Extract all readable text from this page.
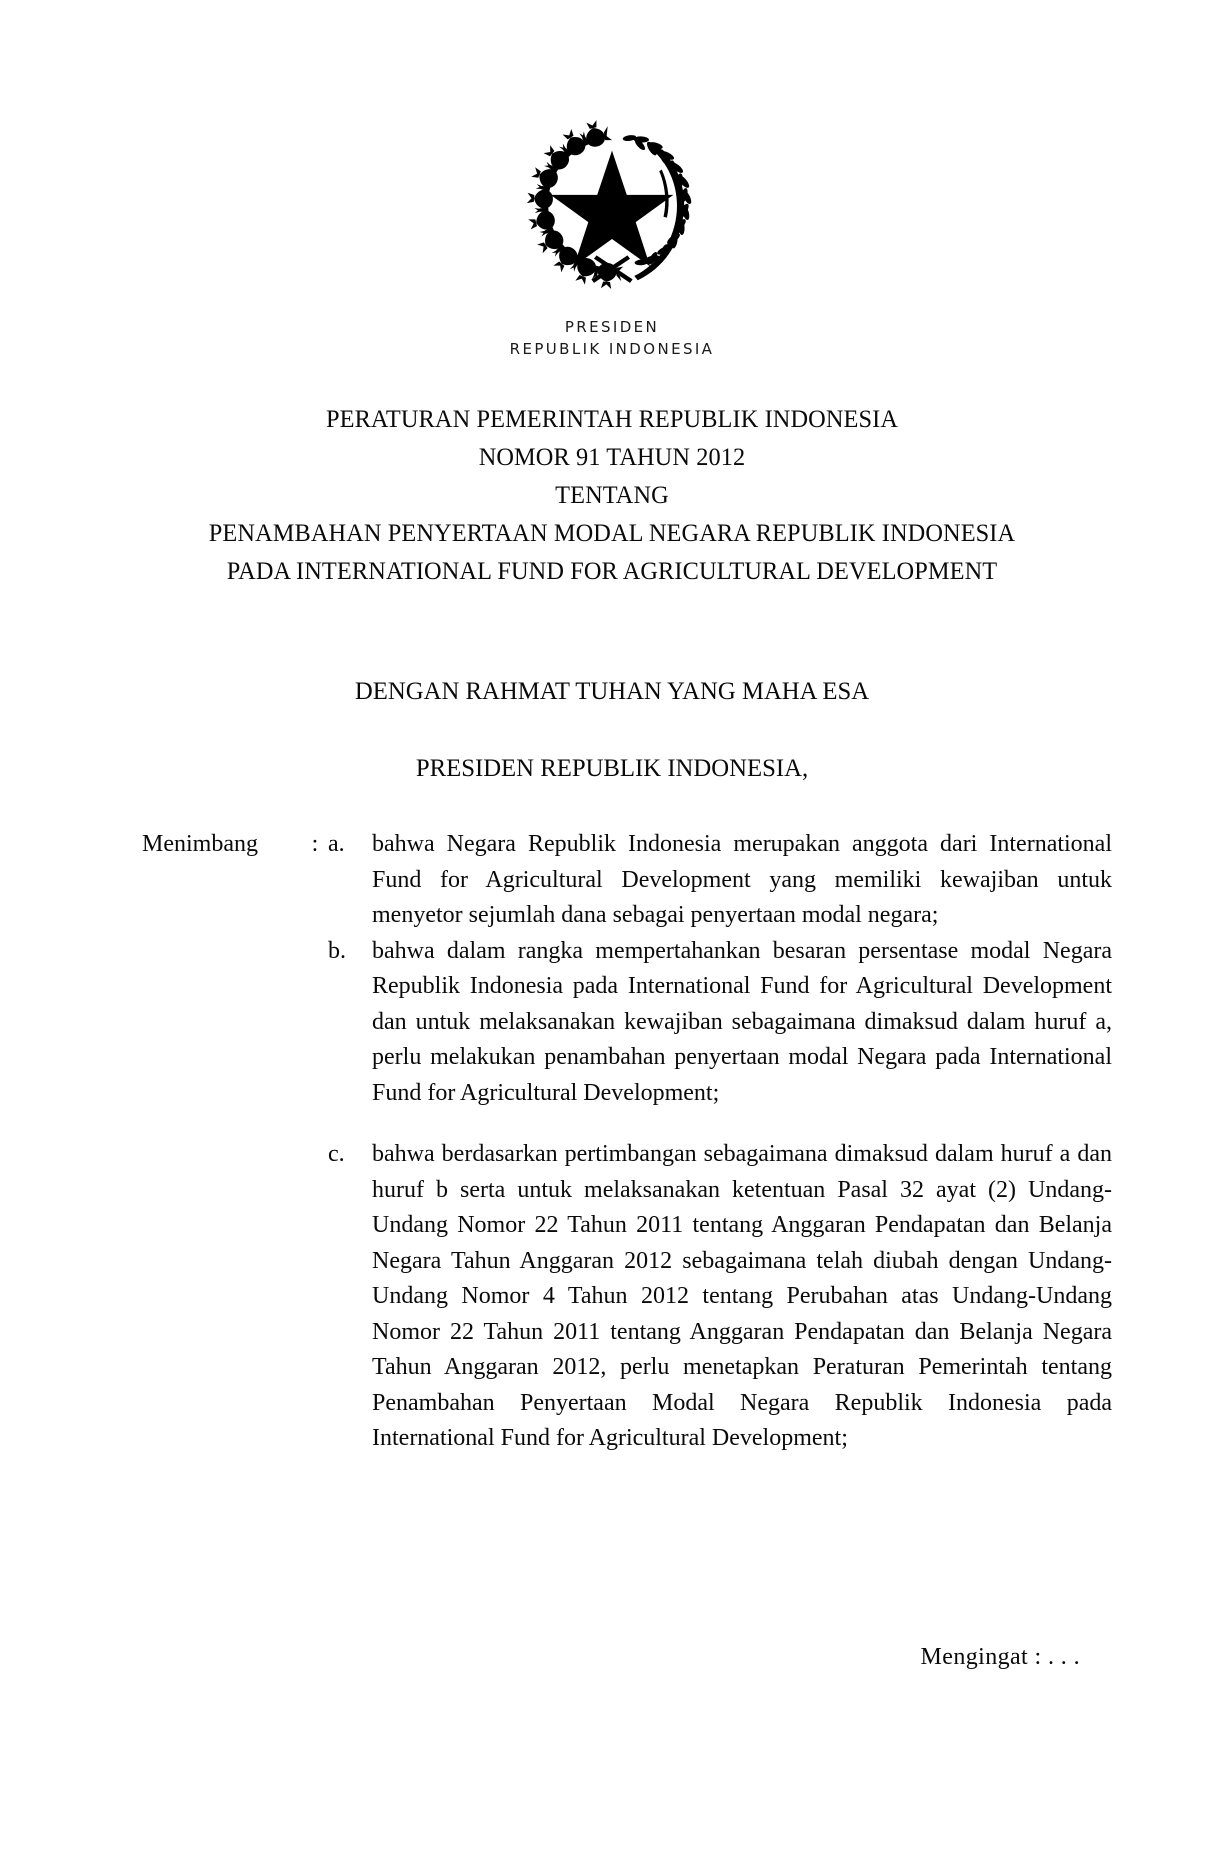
PRESIDEN
REPUBLIK INDONESIA
PERATURAN PEMERINTAH REPUBLIK INDONESIA
NOMOR 91 TAHUN 2012
TENTANG
PENAMBAHAN PENYERTAAN MODAL NEGARA REPUBLIK INDONESIA
PADA INTERNATIONAL FUND FOR AGRICULTURAL DEVELOPMENT
DENGAN RAHMAT TUHAN YANG MAHA ESA
PRESIDEN REPUBLIK INDONESIA,
Menimbang	: a.	bahwa Negara Republik Indonesia merupakan anggota dari International Fund for Agricultural Development yang memiliki kewajiban untuk menyetor sejumlah dana sebagai penyertaan modal negara;
b.	bahwa dalam rangka mempertahankan besaran persentase modal Negara Republik Indonesia pada International Fund for Agricultural Development dan untuk melaksanakan kewajiban sebagaimana dimaksud dalam huruf a, perlu melakukan penambahan penyertaan modal Negara pada International Fund for Agricultural Development;
c.	bahwa berdasarkan pertimbangan sebagaimana dimaksud dalam huruf a dan huruf b serta untuk melaksanakan ketentuan Pasal 32 ayat (2) Undang-Undang Nomor 22 Tahun 2011 tentang Anggaran Pendapatan dan Belanja Negara Tahun Anggaran 2012 sebagaimana telah diubah dengan Undang-Undang Nomor 4 Tahun 2012 tentang Perubahan atas Undang-Undang Nomor 22 Tahun 2011 tentang Anggaran Pendapatan dan Belanja Negara Tahun Anggaran 2012, perlu menetapkan Peraturan Pemerintah tentang Penambahan Penyertaan Modal Negara Republik Indonesia pada International Fund for Agricultural Development;
Mengingat : . . .
